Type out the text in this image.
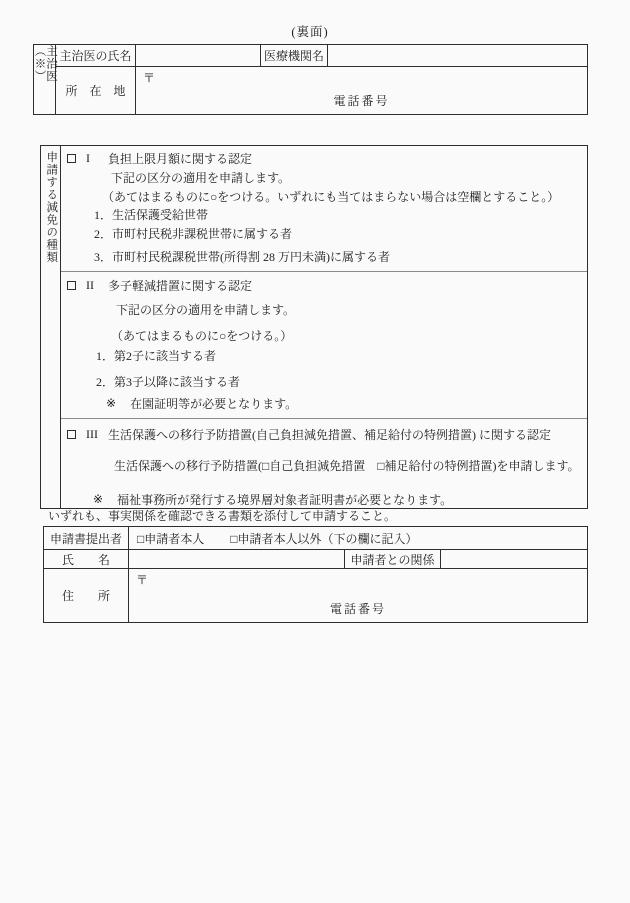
(裏面)
主治医（※）	主治医の氏名	医療機関名
所　在　地
〒
電話番号
申請する減免の種類 I	負担上限月額に関する認定
下記の区分の適用を申請します。
（あてはまるものに○をつける。いずれにも当てはまらない場合は空欄とすること。）
1．生活保護受給世帯
2．市町村民税非課税世帯に属する者
3．市町村民税課税世帯(所得割 28 万円未満)に属する者
II	多子軽減措置に関する認定
下記の区分の適用を申請します。
（あてはまるものに○をつける。）
1．第2子に該当する者
2．第3子以降に該当する者
※ 在園証明等が必要となります。
III 生活保護への移行予防措置(自己負担減免措置、補足給付の特例措置) に関する認定
生活保護への移行予防措置(□自己負担減免措置　□補足給付の特例措置)を申請します。
※ 福祉事務所が発行する境界層対象者証明書が必要となります。
いずれも、事実関係を確認できる書類を添付して申請すること。
申請書提出者	□申請者本人 □申請者本人以外（下の欄に記入）
氏　　名	申請者との関係
住　　所
〒
電話番号
